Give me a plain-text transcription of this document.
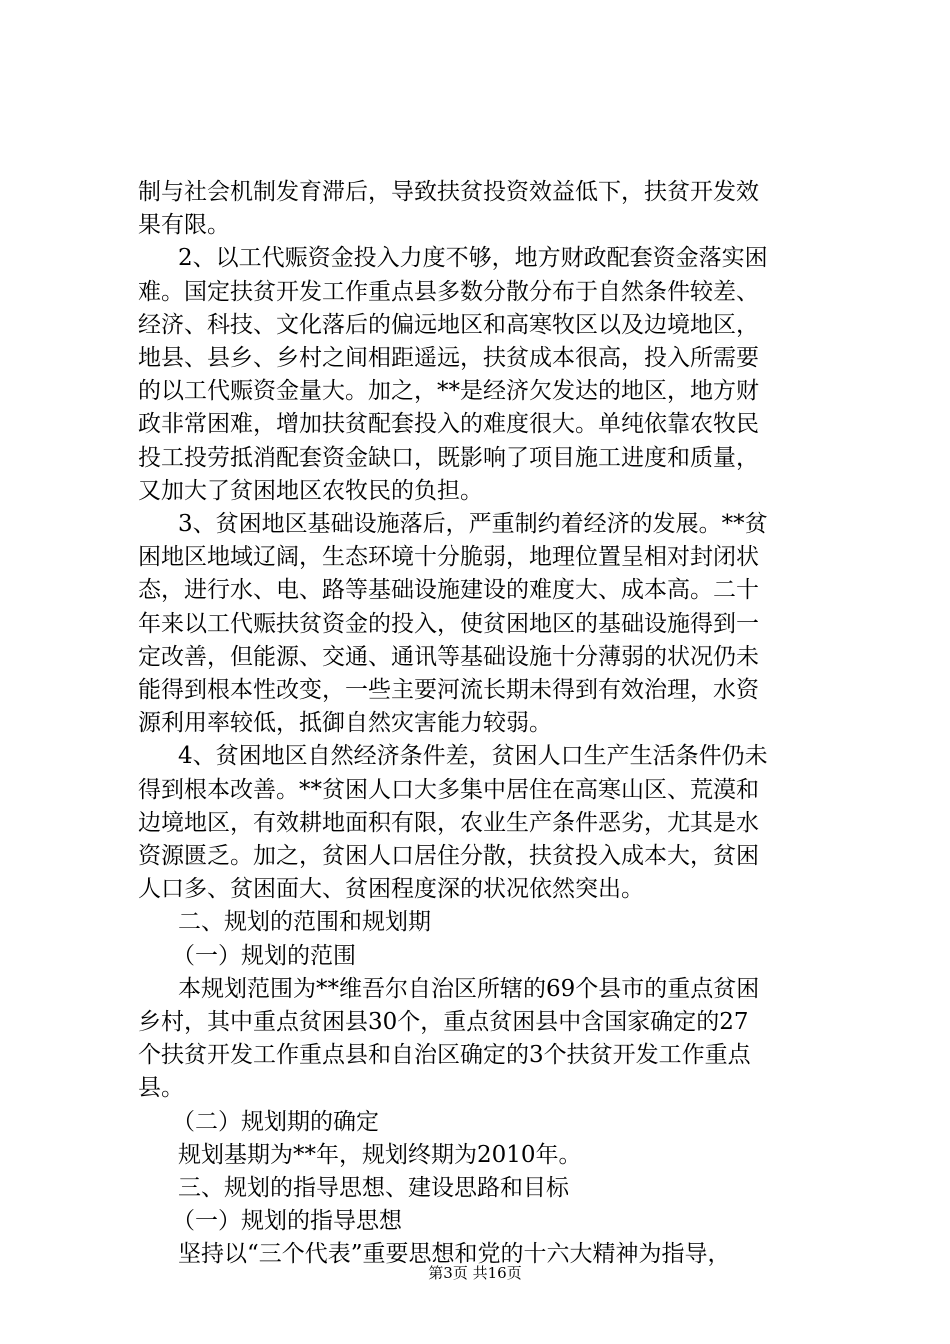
制与社会机制发育滞后，导致扶贫投资效益低下，扶贫开发效
果有限。
2、以工代赈资金投入力度不够，地方财政配套资金落实困
难。国定扶贫开发工作重点县多数分散分布于自然条件较差、
经济、科技、文化落后的偏远地区和高寒牧区以及边境地区，
地县、县乡、乡村之间相距遥远，扶贫成本很高，投入所需要
的以工代赈资金量大。加之，**是经济欠发达的地区，地方财
政非常困难，增加扶贫配套投入的难度很大。单纯依靠农牧民
投工投劳抵消配套资金缺口，既影响了项目施工进度和质量，
又加大了贫困地区农牧民的负担。
3、贫困地区基础设施落后，严重制约着经济的发展。**贫
困地区地域辽阔，生态环境十分脆弱，地理位置呈相对封闭状
态，进行水、电、路等基础设施建设的难度大、成本高。二十
年来以工代赈扶贫资金的投入，使贫困地区的基础设施得到一
定改善，但能源、交通、通讯等基础设施十分薄弱的状况仍未
能得到根本性改变，一些主要河流长期未得到有效治理，水资
源利用率较低，抵御自然灾害能力较弱。
4、贫困地区自然经济条件差，贫困人口生产生活条件仍未
得到根本改善。**贫困人口大多集中居住在高寒山区、荒漠和
边境地区，有效耕地面积有限，农业生产条件恶劣，尤其是水
资源匮乏。加之，贫困人口居住分散，扶贫投入成本大，贫困
人口多、贫困面大、贫困程度深的状况依然突出。
二、规划的范围和规划期
（一）规划的范围
本规划范围为**维吾尔自治区所辖的69个县市的重点贫困
乡村，其中重点贫困县30个，重点贫困县中含国家确定的27
个扶贫开发工作重点县和自治区确定的3个扶贫开发工作重点
县。
（二）规划期的确定
规划基期为**年，规划终期为2010年。
第3页 共16页
三、规划的指导思想、建设思路和目标
（一）规划的指导思想
坚持以“三个代表”重要思想和党的十六大精神为指导，
